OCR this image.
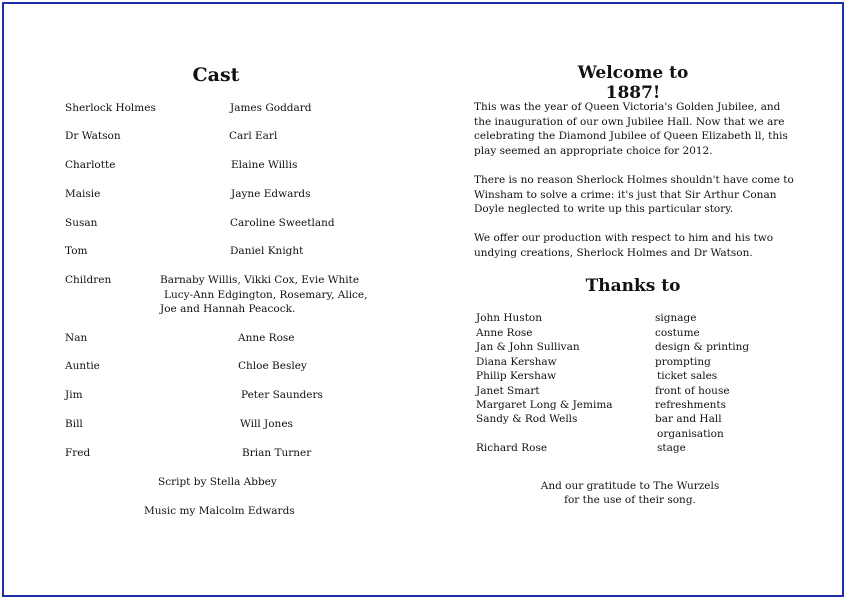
Cast
Sherlock Holmes	James Goddard
Dr Watson	Carl Earl
Charlotte	Elaine Willis
Maisie	Jayne Edwards
Susan	Caroline Sweetland
Tom	Daniel Knight
Children	Barnaby Willis, Vikki Cox, Evie White
Lucy-Ann Edgington, Rosemary, Alice,
Joe and Hannah Peacock.
Nan	Anne Rose
Auntie	Chloe Besley
Jim	Peter Saunders
Bill	Will Jones
Fred	Brian Turner
Script by Stella Abbey
Music my Malcolm Edwards
Welcome to 1887!
This was the year of Queen Victoria's Golden Jubilee, and
the inauguration of our own Jubilee Hall. Now that we are
celebrating the Diamond Jubilee of Queen Elizabeth ll, this
play seemed an appropriate choice for 2012.
There is no reason Sherlock Holmes shouldn't have come to
Winsham to solve a crime: it's just that Sir Arthur Conan
Doyle neglected to write up this particular story.
We offer our production with respect to him and his two
undying creations, Sherlock Holmes and Dr Watson.
Thanks to
John Huston	signage
Anne Rose	costume
Jan & John Sullivan	design & printing
Diana Kershaw	prompting
Philip Kershaw	ticket sales
Janet Smart	front of house
Margaret Long & Jemima	refreshments
Sandy & Rod Wells	bar and Hall
organisation
Richard Rose	stage
And our gratitude to The Wurzels
for the use of their song.
